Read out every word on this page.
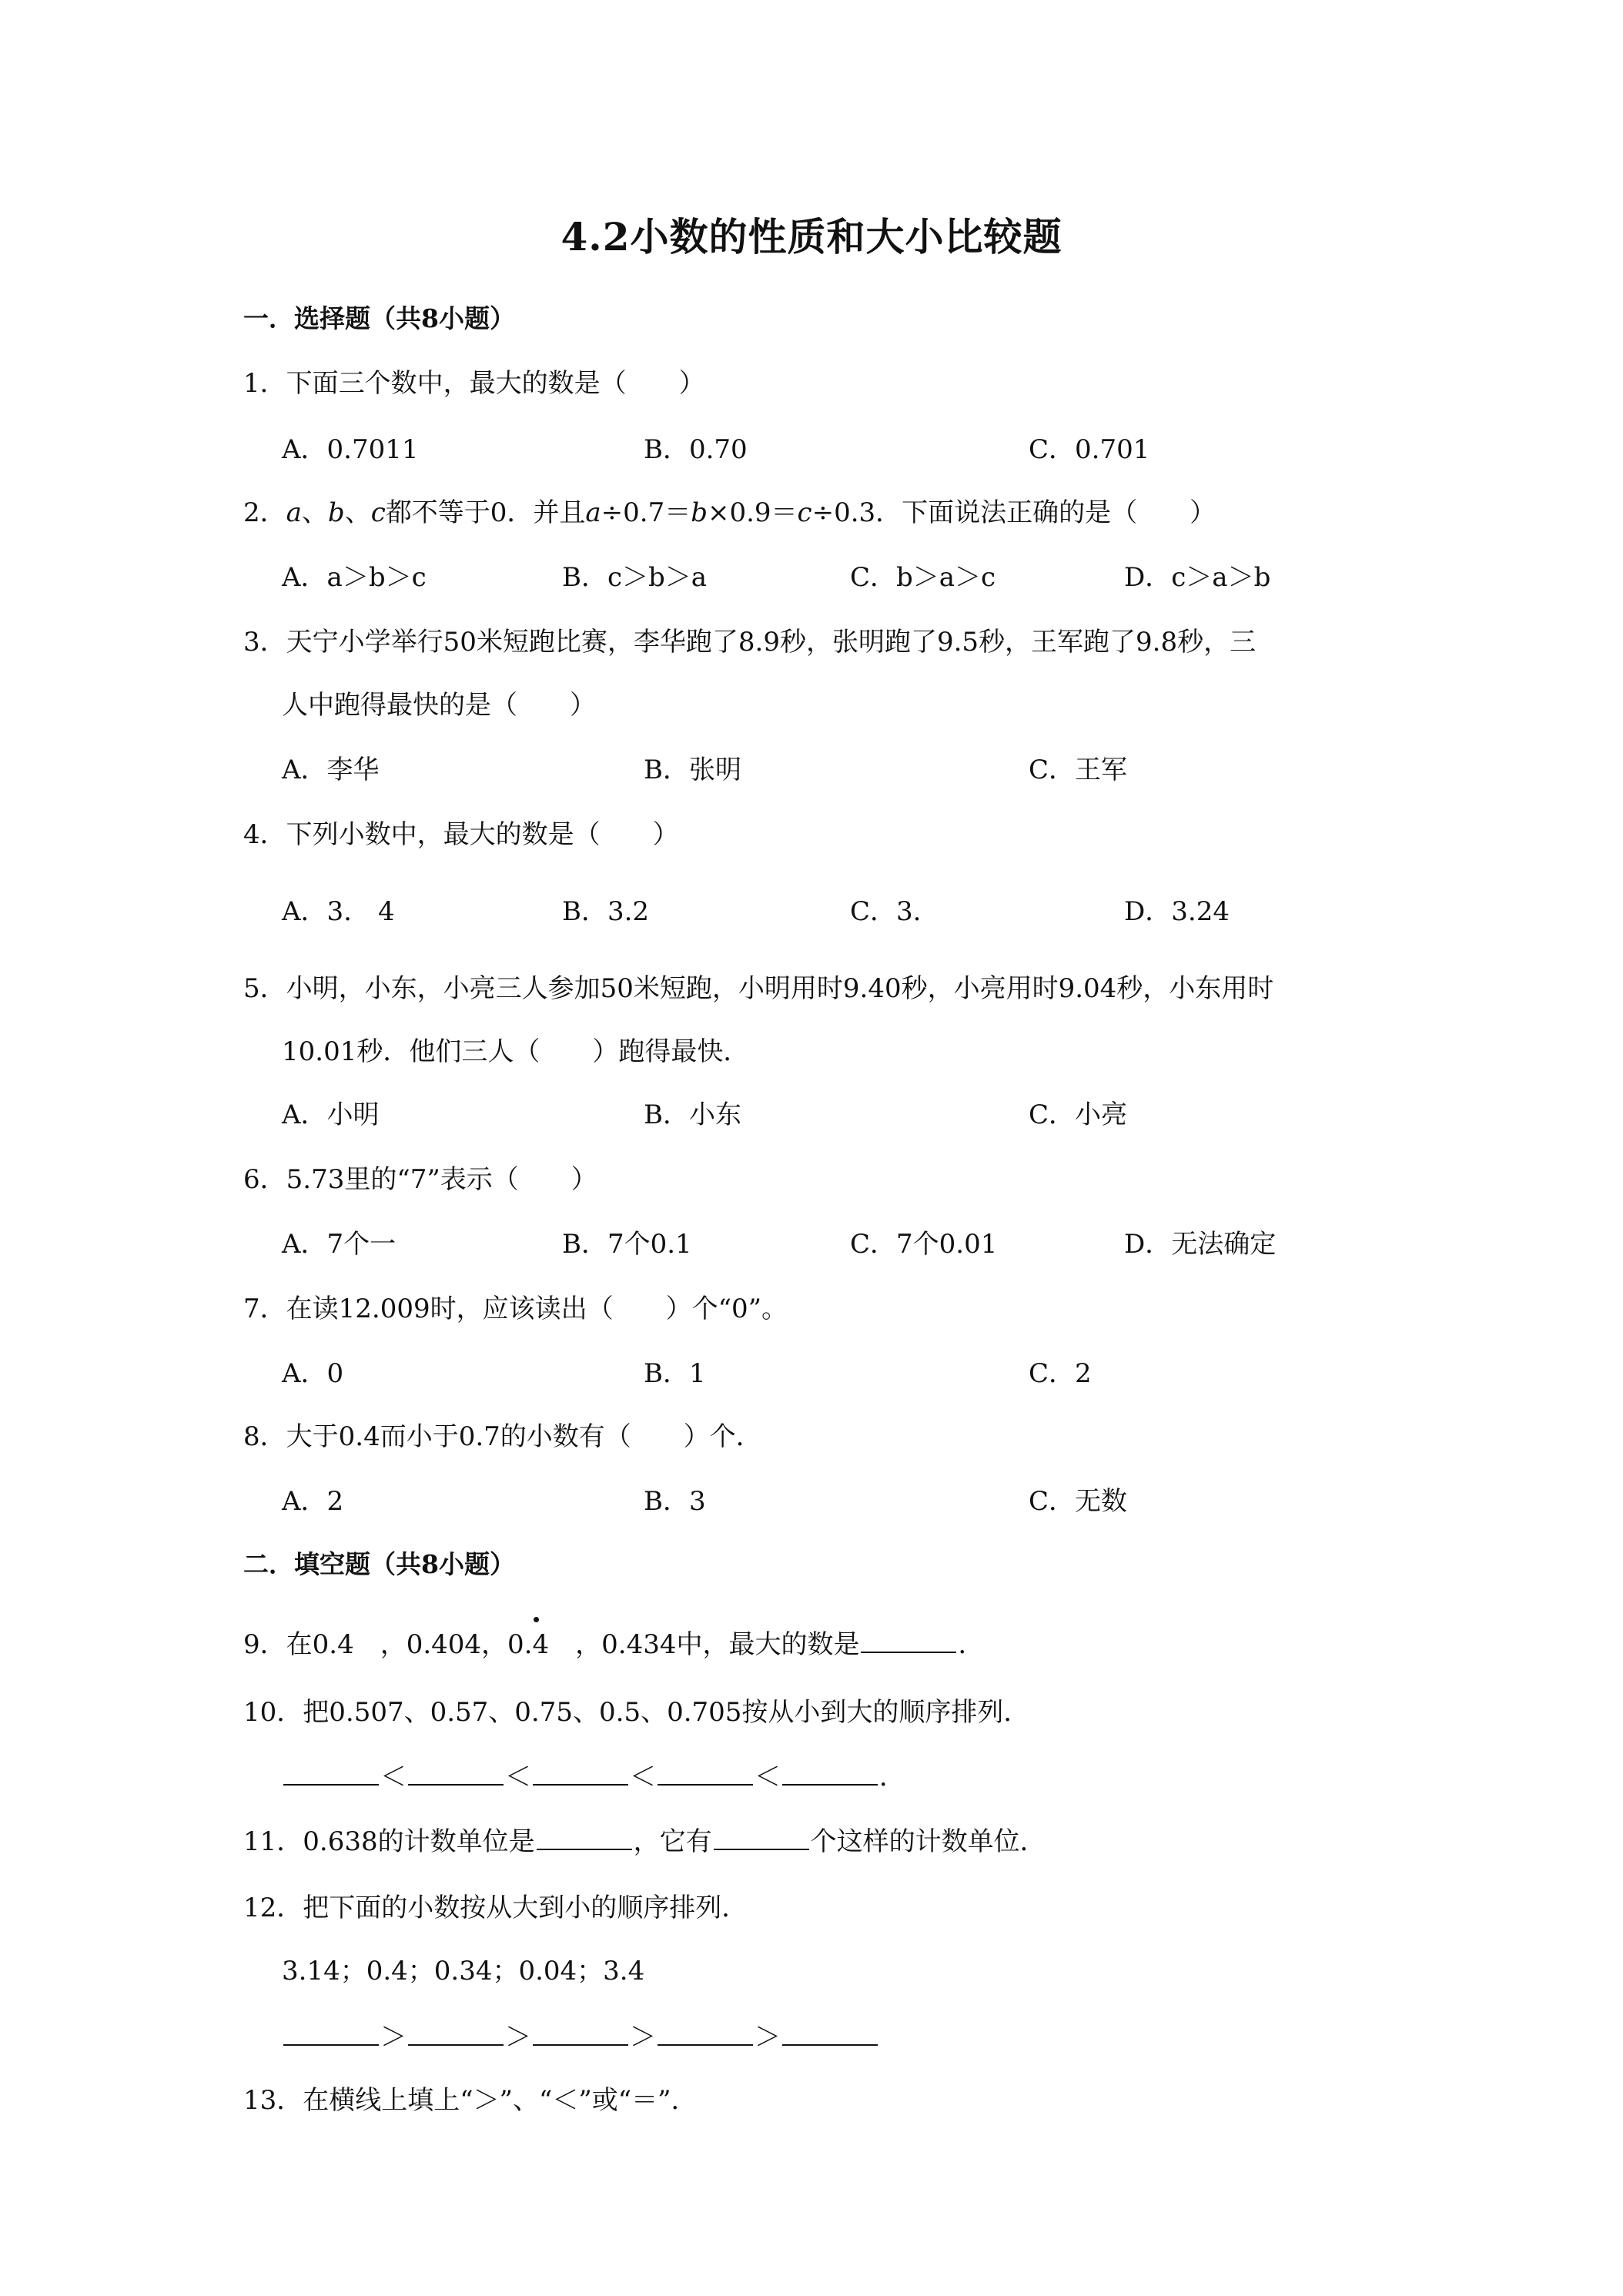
4.2小数的性质和大小比较题
一．选择题（共8小题）
1．下面三个数中，最大的数是（　　）
A．0.7011	B．0.70	C．0.701
2．a、b、c都不等于0．并且a÷0.7＝b×0.9＝c÷0.3．下面说法正确的是（　　）
A．a＞b＞c	B．c＞b＞a	C．b＞a＞c	D．c＞a＞b
3．天宁小学举行50米短跑比赛，李华跑了8.9秒，张明跑了9.5秒，王军跑了9.8秒，三
人中跑得最快的是（　　）
A．李华	B．张明	C．王军
4．下列小数中，最大的数是（　　）
A．3.　4	B．3.2	C．3.	D．3.24
5．小明，小东，小亮三人参加50米短跑，小明用时9.40秒，小亮用时9.04秒，小东用时
10.01秒．他们三人（　　）跑得最快．
A．小明	B．小东	C．小亮
6．5.73里的“7”表示（　　）
A．7个一	B．7个0.1	C．7个0.01	D．无法确定
7．在读12.009时，应该读出（　　）个“0”。
A．0	B．1	C．2
8．大于0.4而小于0.7的小数有（　　）个．
A．2	B．3	C．无数
二．填空题（共8小题）
9．在0.4　，0.404，0.
4　，0.434中，最大的数是	．
10．把0.507、0.57、0.75、0.5、0.705按从小到大的顺序排列．
＜	＜	＜	＜	．
11．0.638的计数单位是	，它有	个这样的计数单位．
12．把下面的小数按从大到小的顺序排列．
3.14；0.4；0.34；0.04；3.4
＞	＞	＞	＞
13．在横线上填上“＞”、“＜”或“＝”．
